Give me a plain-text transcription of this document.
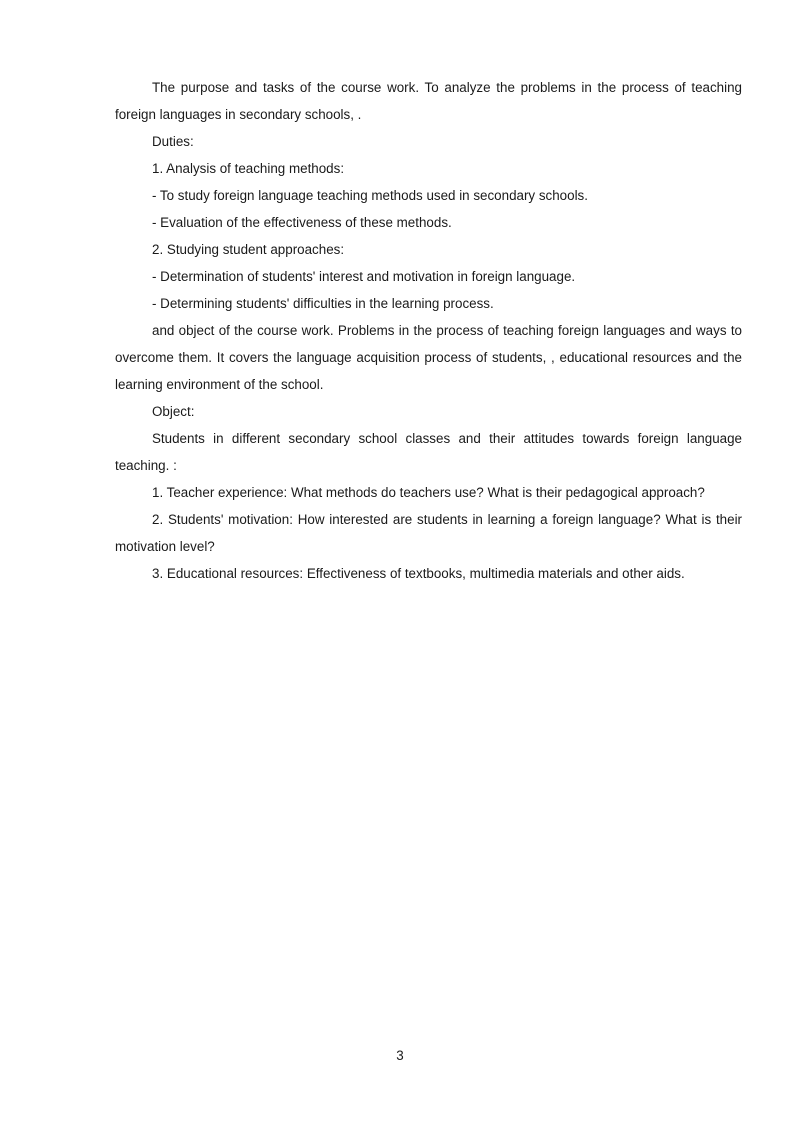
The purpose and tasks of the course work. To analyze the problems in the process of teaching foreign languages in secondary schools, .

Duties:

1. Analysis of teaching methods:

- To study foreign language teaching methods used in secondary schools.

- Evaluation of the effectiveness of these methods.

2. Studying student approaches:

- Determination of students' interest and motivation in foreign language.

- Determining students' difficulties in the learning process.

and object of the course work. Problems in the process of teaching foreign languages and ways to overcome them. It covers the language acquisition process of students, , educational resources and the learning environment of the school.

Object:

Students in different secondary school classes and their attitudes towards foreign language teaching. :

1. Teacher experience: What methods do teachers use? What is their pedagogical approach?

2. Students' motivation: How interested are students in learning a foreign language? What is their motivation level?

3. Educational resources: Effectiveness of textbooks, multimedia materials and other aids.

3
